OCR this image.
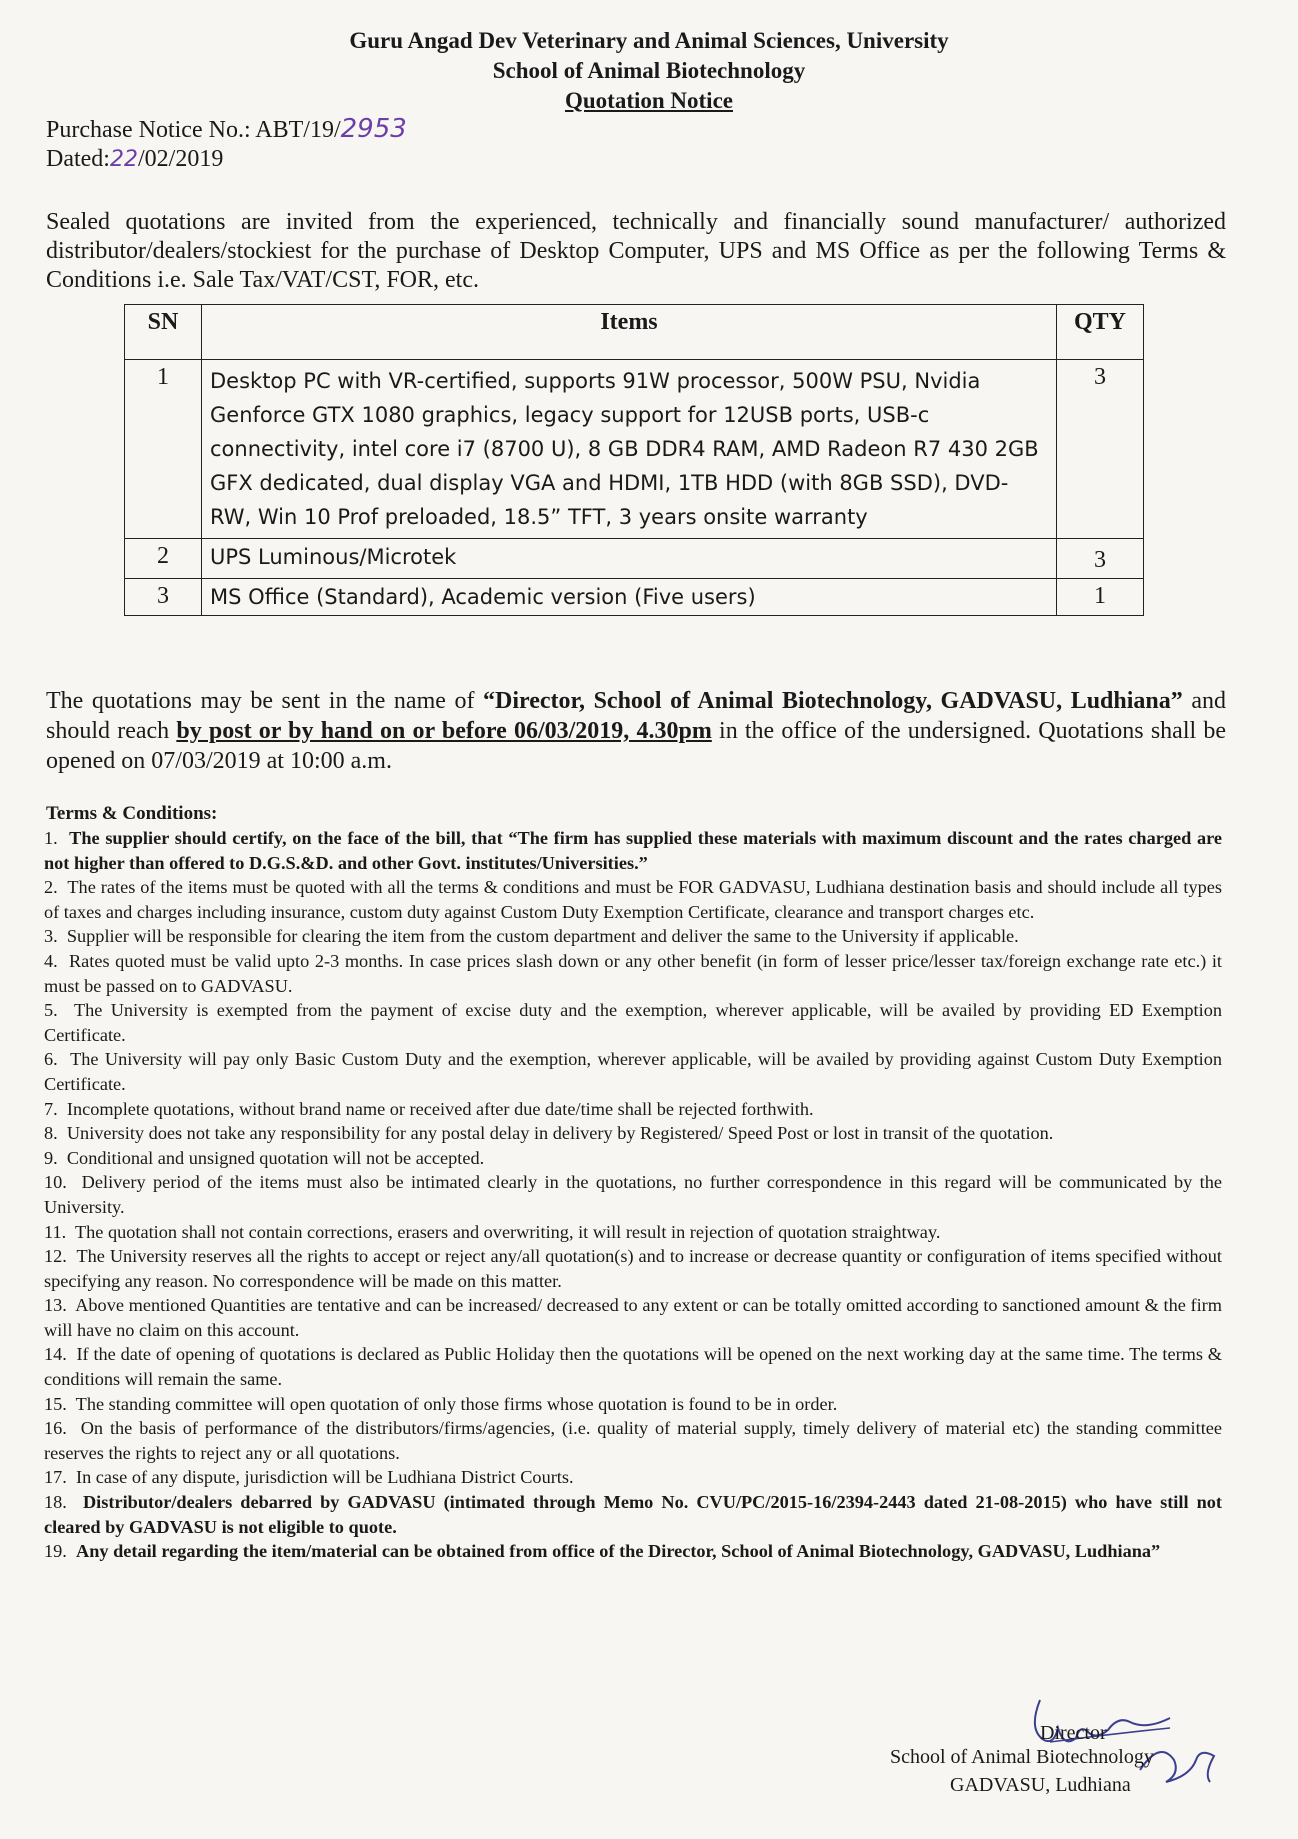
Guru Angad Dev Veterinary and Animal Sciences, University
School of Animal Biotechnology
Quotation Notice
Purchase Notice No.: ABT/19/2953
Dated:22/02/2019
Sealed quotations are invited from the experienced, technically and financially sound manufacturer/ authorized distributor/dealers/stockiest for the purchase of Desktop Computer, UPS and MS Office as per the following Terms & Conditions i.e. Sale Tax/VAT/CST, FOR, etc.
SN	Items	QTY
1	Desktop PC with VR-certified, supports 91W processor, 500W PSU, Nvidia Genforce GTX 1080 graphics, legacy support for 12USB ports, USB-c connectivity, intel core i7 (8700 U), 8 GB DDR4 RAM, AMD Radeon R7 430 2GB GFX dedicated, dual display VGA and HDMI, 1TB HDD (with 8GB SSD), DVD-RW, Win 10 Prof preloaded, 18.5” TFT, 3 years onsite warranty	3
2	UPS Luminous/Microtek	3
3	MS Office (Standard), Academic version (Five users)	1
The quotations may be sent in the name of “Director, School of Animal Biotechnology, GADVASU, Ludhiana” and should reach by post or by hand on or before 06/03/2019, 4.30pm in the office of the undersigned. Quotations shall be opened on 07/03/2019 at 10:00 a.m.
Terms & Conditions:

1. The supplier should certify, on the face of the bill, that “The firm has supplied these materials with maximum discount and the rates charged are not higher than offered to D.G.S.&D. and other Govt. institutes/Universities.”

2. The rates of the items must be quoted with all the terms & conditions and must be FOR GADVASU, Ludhiana destination basis and should include all types of taxes and charges including insurance, custom duty against Custom Duty Exemption Certificate, clearance and transport charges etc.

3. Supplier will be responsible for clearing the item from the custom department and deliver the same to the University if applicable.

4. Rates quoted must be valid upto 2-3 months. In case prices slash down or any other benefit (in form of lesser price/lesser tax/foreign exchange rate etc.) it must be passed on to GADVASU.

5. The University is exempted from the payment of excise duty and the exemption, wherever applicable, will be availed by providing ED Exemption Certificate.

6. The University will pay only Basic Custom Duty and the exemption, wherever applicable, will be availed by providing against Custom Duty Exemption Certificate.

7. Incomplete quotations, without brand name or received after due date/time shall be rejected forthwith.

8. University does not take any responsibility for any postal delay in delivery by Registered/ Speed Post or lost in transit of the quotation.

9. Conditional and unsigned quotation will not be accepted.

10. Delivery period of the items must also be intimated clearly in the quotations, no further correspondence in this regard will be communicated by the University.

11. The quotation shall not contain corrections, erasers and overwriting, it will result in rejection of quotation straightway.

12. The University reserves all the rights to accept or reject any/all quotation(s) and to increase or decrease quantity or configuration of items specified without specifying any reason. No correspondence will be made on this matter.

13. Above mentioned Quantities are tentative and can be increased/ decreased to any extent or can be totally omitted according to sanctioned amount & the firm will have no claim on this account.

14. If the date of opening of quotations is declared as Public Holiday then the quotations will be opened on the next working day at the same time. The terms & conditions will remain the same.

15. The standing committee will open quotation of only those firms whose quotation is found to be in order.

16. On the basis of performance of the distributors/firms/agencies, (i.e. quality of material supply, timely delivery of material etc) the standing committee reserves the rights to reject any or all quotations.

17. In case of any dispute, jurisdiction will be Ludhiana District Courts.

18. Distributor/dealers debarred by GADVASU (intimated through Memo No. CVU/PC/2015-16/2394-2443 dated 21-08-2015) who have still not cleared by GADVASU is not eligible to quote.

19. Any detail regarding the item/material can be obtained from office of the Director, School of Animal Biotechnology, GADVASU, Ludhiana”

Director
School of Animal Biotechnology
GADVASU, Ludhiana
